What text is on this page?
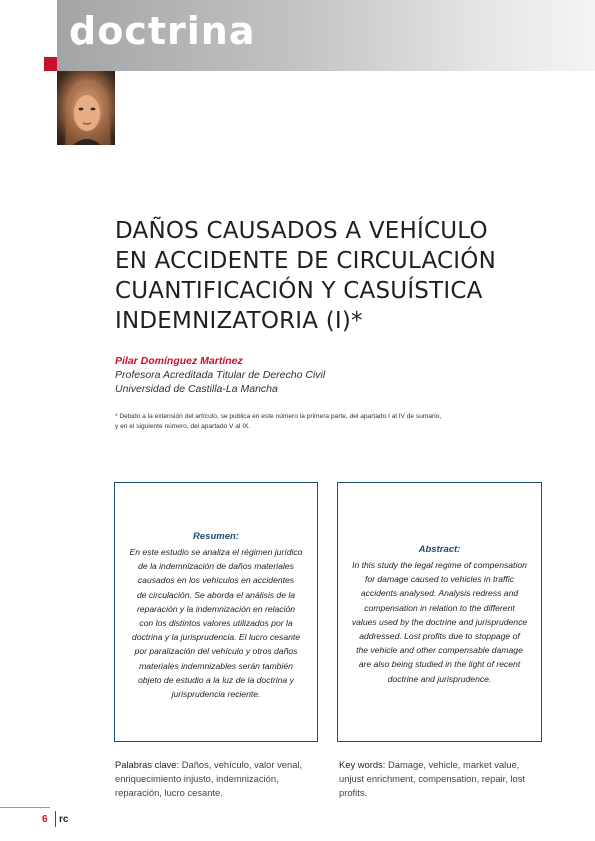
doctrina
DAÑOS CAUSADOS A VEHÍCULO
EN ACCIDENTE DE CIRCULACIÓN
CUANTIFICACIÓN Y CASUÍSTICA
INDEMNIZATORIA (I)*
Pilar Domínguez Martínez
Profesora Acreditada Titular de Derecho Civil
Universidad de Castilla-La Mancha
* Debido a la extensión del artículo, se publica en este número la primera parte, del apartado I al IV de sumario,
y en el siguiente número, del apartado V al IX.
Resumen:
En este estudio se analiza el régimen jurídico
de la indemnización de daños materiales
causados en los vehículos en accidentes
de circulación. Se aborda el análisis de la
reparación y la indemnización en relación
con los distintos valores utilizados por la
doctrina y la jurisprudencia. El lucro cesante
por paralización del vehículo y otros daños
materiales indemnizables serán también
objeto de estudio a la luz de la doctrina y
jurisprudencia reciente.
Abstract:
In this study the legal regime of compensation
for damage caused to vehicles in traffic
accidents analysed. Analysis redress and
compensation in relation to the different
values used by the doctrine and jurisprudence
addressed. Lost profits due to stoppage of
the vehicle and other compensable damage
are also being studied in the light of recent
doctrine and jurisprudence.
Palabras clave: Daños, vehículo, valor venal,
enriquecimiento injusto, indemnización,
reparación, lucro cesante.
Key words: Damage, vehicle, market value,
unjust enrichment, compensation, repair, lost
profits.
6 rc
